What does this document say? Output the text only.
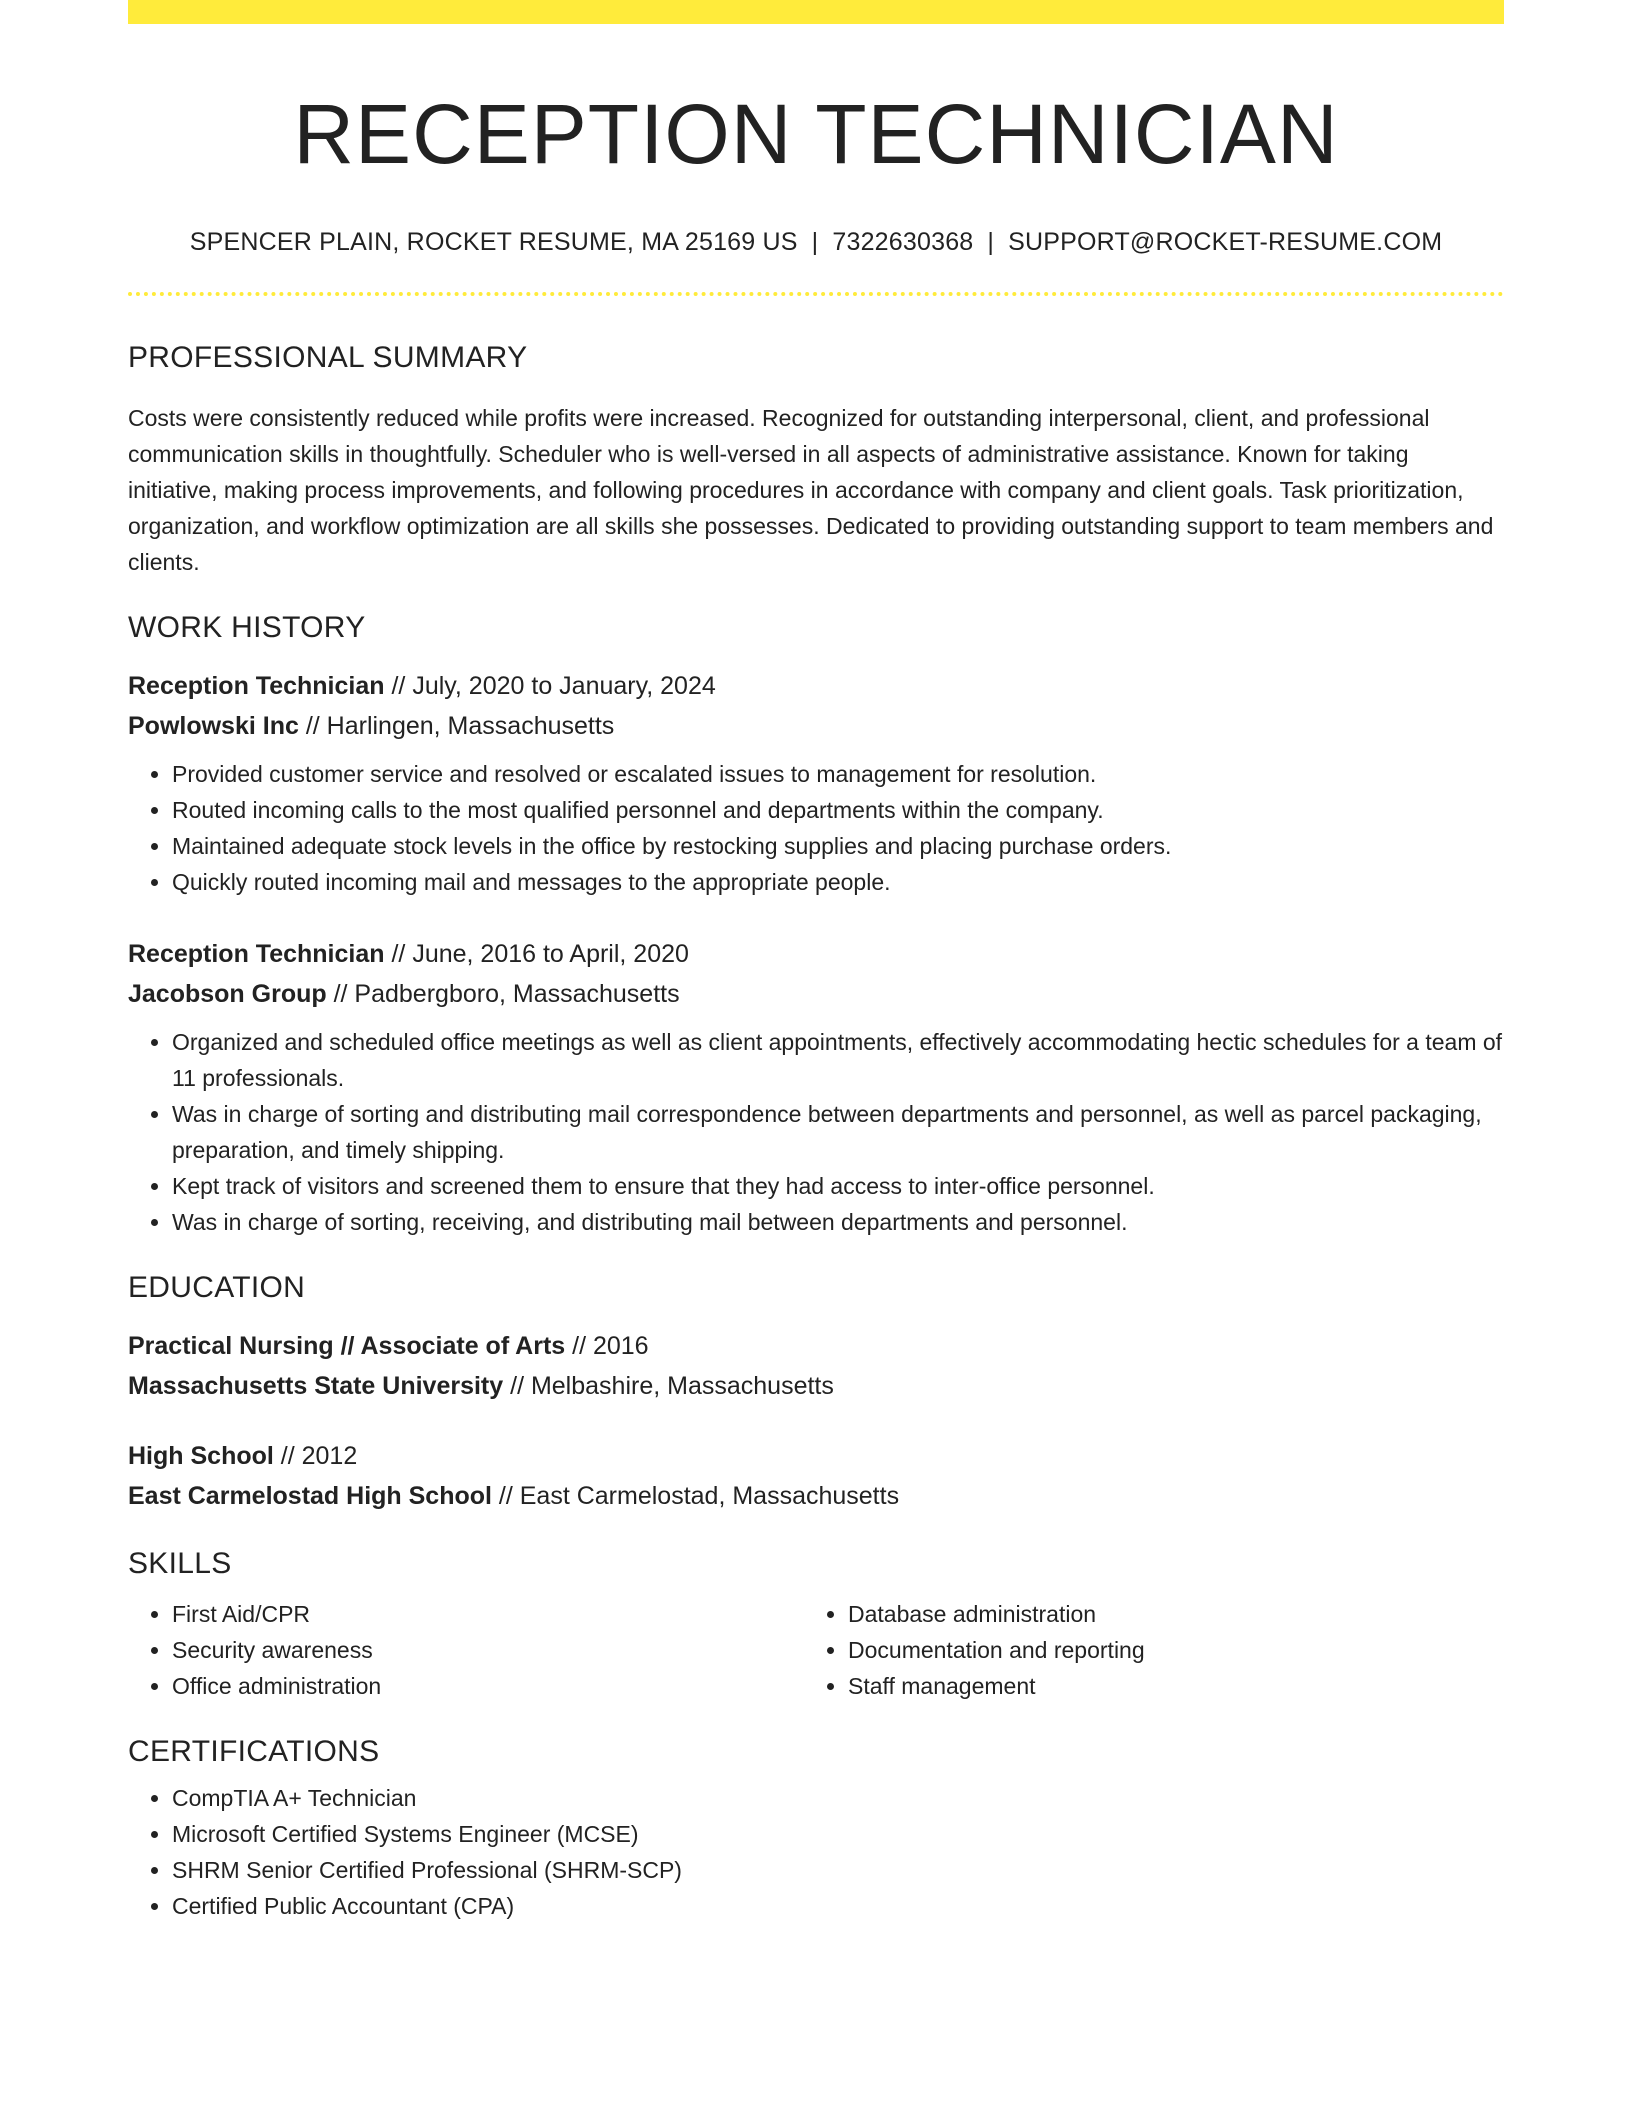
RECEPTION TECHNICIAN
SPENCER PLAIN, ROCKET RESUME, MA 25169 US | 7322630368 | SUPPORT@ROCKET-RESUME.COM
PROFESSIONAL SUMMARY
Costs were consistently reduced while profits were increased. Recognized for outstanding interpersonal, client, and professional communication skills in thoughtfully. Scheduler who is well-versed in all aspects of administrative assistance. Known for taking initiative, making process improvements, and following procedures in accordance with company and client goals. Task prioritization, organization, and workflow optimization are all skills she possesses. Dedicated to providing outstanding support to team members and clients.
WORK HISTORY
Reception Technician // July, 2020 to January, 2024
Powlowski Inc // Harlingen, Massachusetts
• Provided customer service and resolved or escalated issues to management for resolution.
• Routed incoming calls to the most qualified personnel and departments within the company.
• Maintained adequate stock levels in the office by restocking supplies and placing purchase orders.
• Quickly routed incoming mail and messages to the appropriate people.
Reception Technician // June, 2016 to April, 2020
Jacobson Group // Padbergboro, Massachusetts
• Organized and scheduled office meetings as well as client appointments, effectively accommodating hectic schedules for a team of 11 professionals.
• Was in charge of sorting and distributing mail correspondence between departments and personnel, as well as parcel packaging, preparation, and timely shipping.
• Kept track of visitors and screened them to ensure that they had access to inter-office personnel.
• Was in charge of sorting, receiving, and distributing mail between departments and personnel.
EDUCATION
Practical Nursing // Associate of Arts // 2016
Massachusetts State University // Melbashire, Massachusetts
High School // 2012
East Carmelostad High School // East Carmelostad, Massachusetts
SKILLS
• First Aid/CPR
• Security awareness
• Office administration
• Database administration
• Documentation and reporting
• Staff management
CERTIFICATIONS
• CompTIA A+ Technician
• Microsoft Certified Systems Engineer (MCSE)
• SHRM Senior Certified Professional (SHRM-SCP)
• Certified Public Accountant (CPA)
